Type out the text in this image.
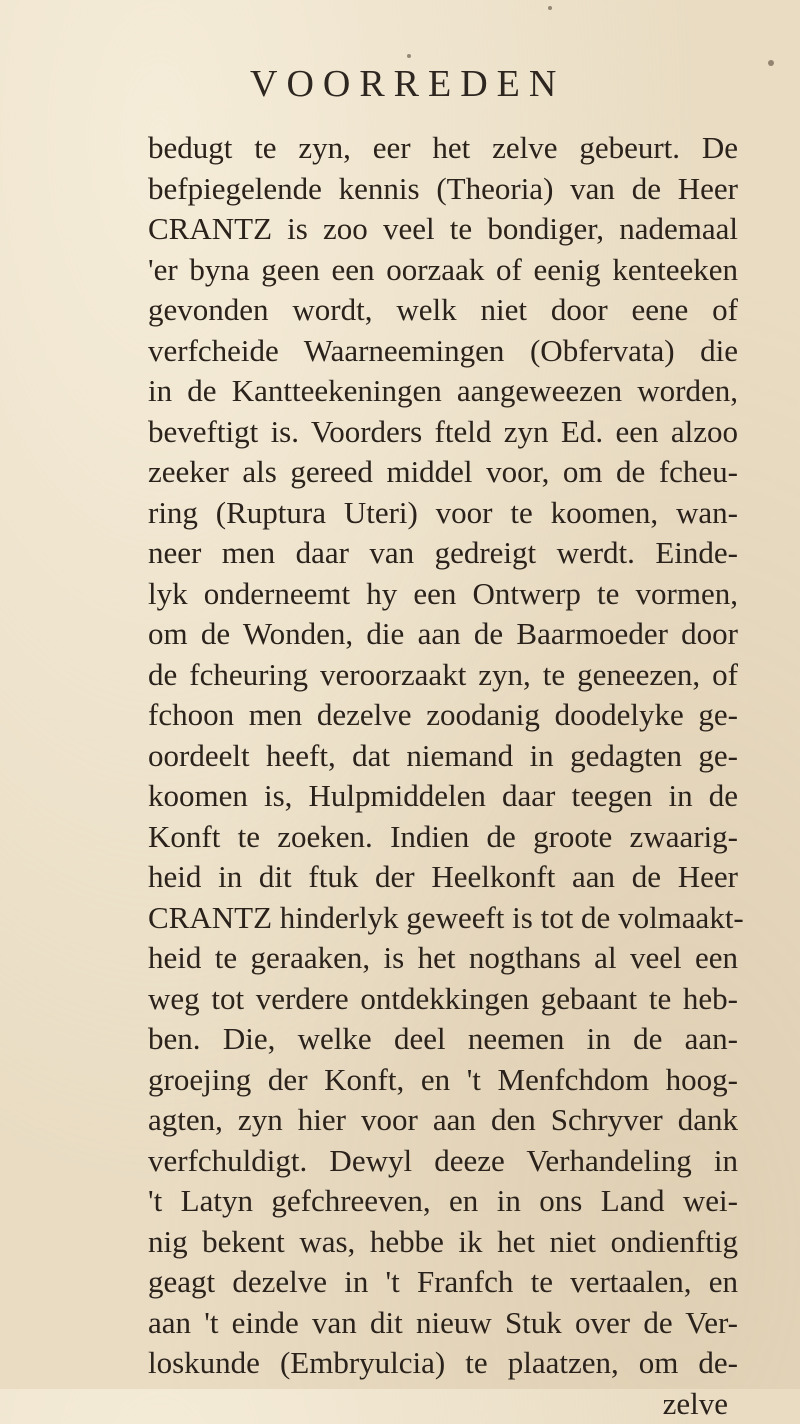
VOORREDEN
bedugt te zyn, eer het zelve gebeurt. De
befpiegelende kennis (Theoria) van de Heer
CRANTZ is zoo veel te bondiger, nademaal
'er byna geen een oorzaak of eenig kenteeken
gevonden wordt, welk niet door eene of
verfcheide Waarneemingen (Obfervata) die
in de Kantteekeningen aangeweezen worden,
beveftigt is. Voorders fteld zyn Ed. een alzoo
zeeker als gereed middel voor, om de fcheu-
ring (Ruptura Uteri) voor te koomen, wan-
neer men daar van gedreigt werdt. Einde-
lyk onderneemt hy een Ontwerp te vormen,
om de Wonden, die aan de Baarmoeder door
de fcheuring veroorzaakt zyn, te geneezen, of
fchoon men dezelve zoodanig doodelyke ge-
oordeelt heeft, dat niemand in gedagten ge-
koomen is, Hulpmiddelen daar teegen in de
Konft te zoeken. Indien de groote zwaarig-
heid in dit ftuk der Heelkonft aan de Heer
CRANTZ hinderlyk geweeft is tot de volmaakt-
heid te geraaken, is het nogthans al veel een
weg tot verdere ontdekkingen gebaant te heb-
ben. Die, welke deel neemen in de aan-
groejing der Konft, en 't Menfchdom hoog-
agten, zyn hier voor aan den Schryver dank
verfchuldigt. Dewyl deeze Verhandeling in
't Latyn gefchreeven, en in ons Land wei-
nig bekent was, hebbe ik het niet ondienftig
geagt dezelve in 't Franfch te vertaalen, en
aan 't einde van dit nieuw Stuk over de Ver-
loskunde (Embryulcia) te plaatzen, om de-
zelve
